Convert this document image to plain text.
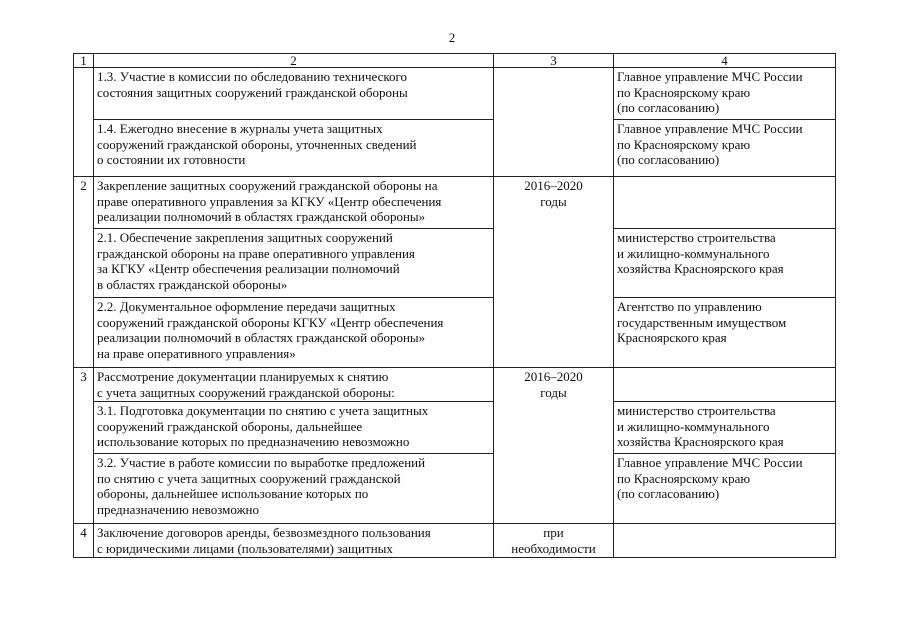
2
1	2	3	4
	1.3. Участие в комиссии по обследованию технического
состояния защитных сооружений гражданской обороны		Главное управление МЧС России
по Красноярскому краю
(по согласованию)
	1.4. Ежегодно внесение в журналы учета защитных
сооружений гражданской обороны, уточненных сведений
о состоянии их готовности		Главное управление МЧС России
по Красноярскому краю
(по согласованию)
2	Закрепление защитных сооружений гражданской обороны на
праве оперативного управления за КГКУ «Центр обеспечения
реализации полномочий в областях гражданской обороны»	2016–2020
годы	
	2.1. Обеспечение закрепления защитных сооружений
гражданской обороны на праве оперативного управления
за КГКУ «Центр обеспечения реализации полномочий
в областях гражданской обороны»		министерство строительства
и жилищно-коммунального
хозяйства Красноярского края
	2.2. Документальное оформление передачи защитных
сооружений гражданской обороны КГКУ «Центр обеспечения
реализации полномочий в областях гражданской обороны»
на праве оперативного управления»		Агентство по управлению
государственным имуществом
Красноярского края
3	Рассмотрение документации планируемых к снятию
с учета защитных сооружений гражданской обороны:	2016–2020
годы	
	3.1. Подготовка документации по снятию с учета защитных
сооружений гражданской обороны, дальнейшее
использование которых по предназначению невозможно		министерство строительства
и жилищно-коммунального
хозяйства Красноярского края
	3.2. Участие в работе комиссии по выработке предложений
по снятию с учета защитных сооружений гражданской
обороны, дальнейшее использование которых по
предназначению невозможно		Главное управление МЧС России
по Красноярскому краю
(по согласованию)
4	Заключение договоров аренды, безвозмездного пользования
с юридическими лицами (пользователями) защитных	при
необходимости	
